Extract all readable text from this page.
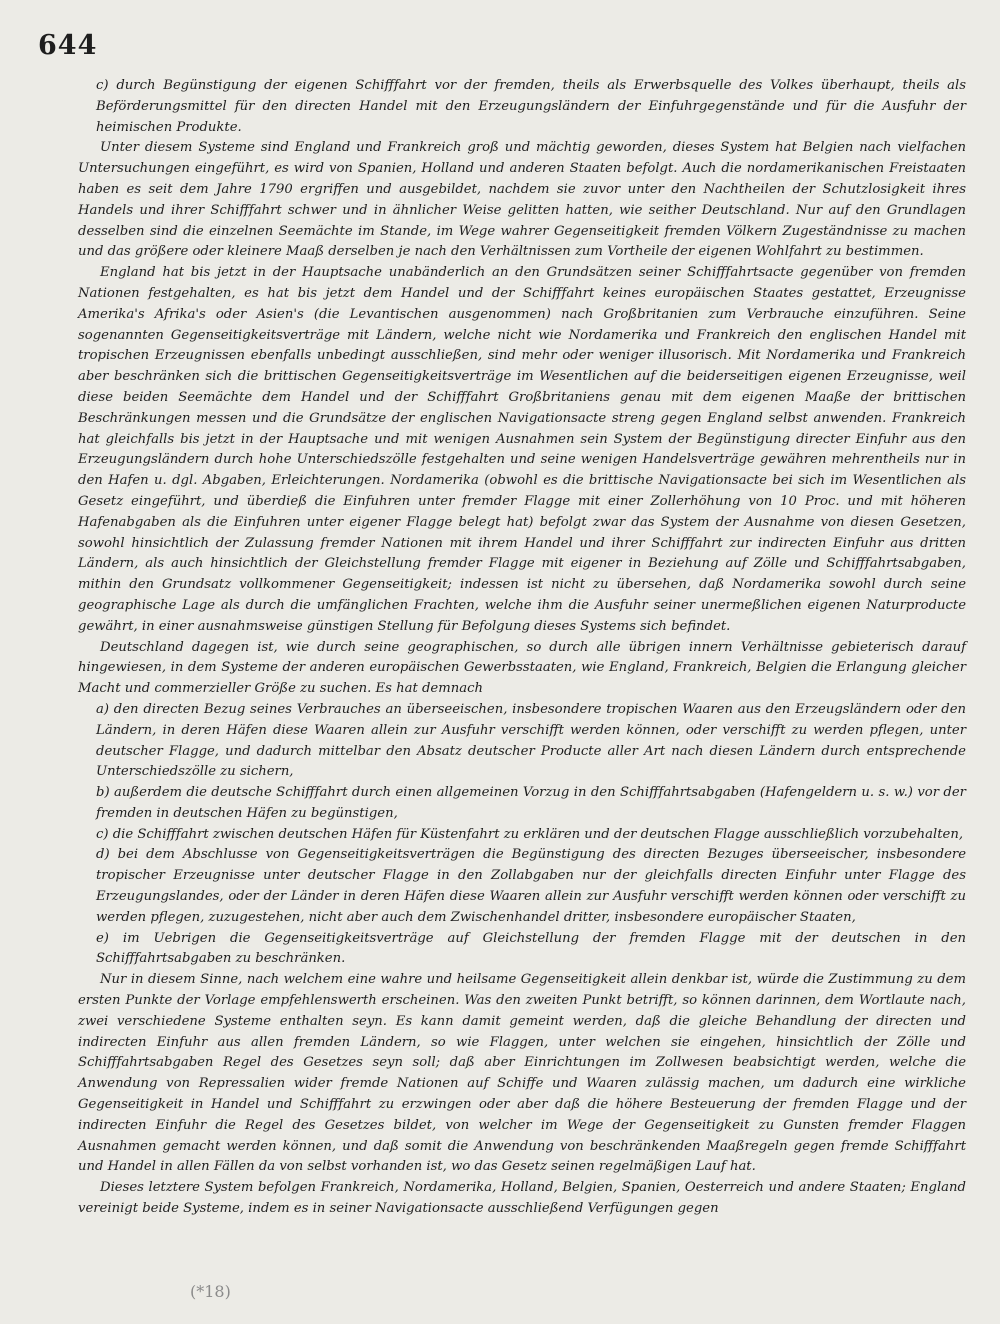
644

c) durch Begünstigung der eigenen Schifffahrt vor der fremden, theils als Erwerbsquelle des Volkes überhaupt, theils als Beförderungsmittel für den directen Handel mit den Erzeugungsländern der Einfuhrgegenstände und für die Ausfuhr der heimischen Produkte.

Unter diesem Systeme sind England und Frankreich groß und mächtig geworden, dieses System hat Belgien nach vielfachen Untersuchungen eingeführt, es wird von Spanien, Holland und anderen Staaten befolgt. Auch die nordamerikanischen Freistaaten haben es seit dem Jahre 1790 ergriffen und ausgebildet, nachdem sie zuvor unter den Nachtheilen der Schutzlosigkeit ihres Handels und ihrer Schifffahrt schwer und in ähnlicher Weise gelitten hatten, wie seither Deutschland. Nur auf den Grundlagen desselben sind die einzelnen Seemächte im Stande, im Wege wahrer Gegenseitigkeit fremden Völkern Zugeständnisse zu machen und das größere oder kleinere Maaß derselben je nach den Verhältnissen zum Vortheile der eigenen Wohlfahrt zu bestimmen.

England hat bis jetzt in der Hauptsache unabänderlich an den Grundsätzen seiner Schifffahrtsacte gegenüber von fremden Nationen festgehalten, es hat bis jetzt dem Handel und der Schifffahrt keines europäischen Staates gestattet, Erzeugnisse Amerika's Afrika's oder Asien's (die Levantischen ausgenommen) nach Großbritanien zum Verbrauche einzuführen. Seine sogenannten Gegenseitigkeitsverträge mit Ländern, welche nicht wie Nordamerika und Frankreich den englischen Handel mit tropischen Erzeugnissen ebenfalls unbedingt ausschließen, sind mehr oder weniger illusorisch. Mit Nordamerika und Frankreich aber beschränken sich die brittischen Gegenseitigkeitsverträge im Wesentlichen auf die beiderseitigen eigenen Erzeugnisse, weil diese beiden Seemächte dem Handel und der Schifffahrt Großbritaniens genau mit dem eigenen Maaße der brittischen Beschränkungen messen und die Grundsätze der englischen Navigationsacte streng gegen England selbst anwenden. Frankreich hat gleichfalls bis jetzt in der Hauptsache und mit wenigen Ausnahmen sein System der Begünstigung directer Einfuhr aus den Erzeugungsländern durch hohe Unterschiedszölle festgehalten und seine wenigen Handelsverträge gewähren mehrentheils nur in den Hafen u. dgl. Abgaben, Erleichterungen. Nordamerika (obwohl es die brittische Navigationsacte bei sich im Wesentlichen als Gesetz eingeführt, und überdieß die Einfuhren unter fremder Flagge mit einer Zollerhöhung von 10 Proc. und mit höheren Hafenabgaben als die Einfuhren unter eigener Flagge belegt hat) befolgt zwar das System der Ausnahme von diesen Gesetzen, sowohl hinsichtlich der Zulassung fremder Nationen mit ihrem Handel und ihrer Schifffahrt zur indirecten Einfuhr aus dritten Ländern, als auch hinsichtlich der Gleichstellung fremder Flagge mit eigener in Beziehung auf Zölle und Schifffahrtsabgaben, mithin den Grundsatz vollkommener Gegenseitigkeit; indessen ist nicht zu übersehen, daß Nordamerika sowohl durch seine geographische Lage als durch die umfänglichen Frachten, welche ihm die Ausfuhr seiner unermeßlichen eigenen Naturproducte gewährt, in einer ausnahmsweise günstigen Stellung für Befolgung dieses Systems sich befindet.

Deutschland dagegen ist, wie durch seine geographischen, so durch alle übrigen innern Verhältnisse gebieterisch darauf hingewiesen, in dem Systeme der anderen europäischen Gewerbsstaaten, wie England, Frankreich, Belgien die Erlangung gleicher Macht und commerzieller Größe zu suchen. Es hat demnach

a) den directen Bezug seines Verbrauches an überseeischen, insbesondere tropischen Waaren aus den Erzeugsländern oder den Ländern, in deren Häfen diese Waaren allein zur Ausfuhr verschifft werden können, oder verschifft zu werden pflegen, unter deutscher Flagge, und dadurch mittelbar den Absatz deutscher Producte aller Art nach diesen Ländern durch entsprechende Unterschiedszölle zu sichern,

b) außerdem die deutsche Schifffahrt durch einen allgemeinen Vorzug in den Schifffahrtsabgaben (Hafengeldern u. s. w.) vor der fremden in deutschen Häfen zu begünstigen,

c) die Schifffahrt zwischen deutschen Häfen für Küstenfahrt zu erklären und der deutschen Flagge ausschließlich vorzubehalten,

d) bei dem Abschlusse von Gegenseitigkeitsverträgen die Begünstigung des directen Bezuges überseeischer, insbesondere tropischer Erzeugnisse unter deutscher Flagge in den Zollabgaben nur der gleichfalls directen Einfuhr unter Flagge des Erzeugungslandes, oder der Länder in deren Häfen diese Waaren allein zur Ausfuhr verschifft werden können oder verschifft zu werden pflegen, zuzugestehen, nicht aber auch dem Zwischenhandel dritter, insbesondere europäischer Staaten,

e) im Uebrigen die Gegenseitigkeitsverträge auf Gleichstellung der fremden Flagge mit der deutschen in den Schifffahrtsabgaben zu beschränken.

Nur in diesem Sinne, nach welchem eine wahre und heilsame Gegenseitigkeit allein denkbar ist, würde die Zustimmung zu dem ersten Punkte der Vorlage empfehlenswerth erscheinen. Was den zweiten Punkt betrifft, so können darinnen, dem Wortlaute nach, zwei verschiedene Systeme enthalten seyn. Es kann damit gemeint werden, daß die gleiche Behandlung der directen und indirecten Einfuhr aus allen fremden Ländern, so wie Flaggen, unter welchen sie eingehen, hinsichtlich der Zölle und Schifffahrtsabgaben Regel des Gesetzes seyn soll; daß aber Einrichtungen im Zollwesen beabsichtigt werden, welche die Anwendung von Repressalien wider fremde Nationen auf Schiffe und Waaren zulässig machen, um dadurch eine wirkliche Gegenseitigkeit in Handel und Schifffahrt zu erzwingen oder aber daß die höhere Besteuerung der fremden Flagge und der indirecten Einfuhr die Regel des Gesetzes bildet, von welcher im Wege der Gegenseitigkeit zu Gunsten fremder Flaggen Ausnahmen gemacht werden können, und daß somit die Anwendung von beschränkenden Maaßregeln gegen fremde Schifffahrt und Handel in allen Fällen da von selbst vorhanden ist, wo das Gesetz seinen regelmäßigen Lauf hat.

Dieses letztere System befolgen Frankreich, Nordamerika, Holland, Belgien, Spanien, Oesterreich und andere Staaten; England vereinigt beide Systeme, indem es in seiner Navigationsacte ausschließend Verfügungen gegen

(*18)
